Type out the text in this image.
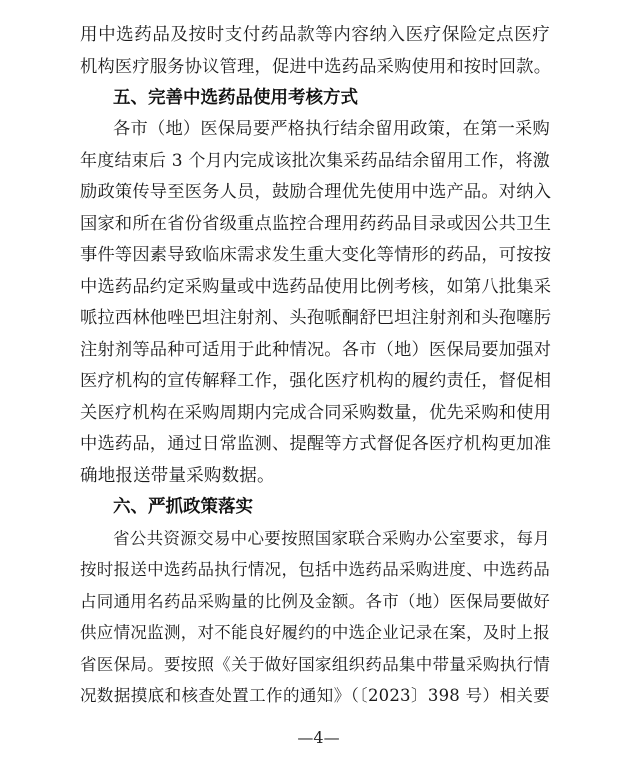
用中选药品及按时支付药品款等内容纳入医疗保险定点医疗
机构医疗服务协议管理，促进中选药品采购使用和按时回款。
五、完善中选药品使用考核方式
各市（地）医保局要严格执行结余留用政策，在第一采购
年度结束后 3 个月内完成该批次集采药品结余留用工作，将激
励政策传导至医务人员，鼓励合理优先使用中选产品。对纳入
国家和所在省份省级重点监控合理用药药品目录或因公共卫生
事件等因素导致临床需求发生重大变化等情形的药品，可按按
中选药品约定采购量或中选药品使用比例考核，如第八批集采
哌拉西林他唑巴坦注射剂、头孢哌酮舒巴坦注射剂和头孢噻肟
注射剂等品种可适用于此种情况。各市（地）医保局要加强对
医疗机构的宣传解释工作，强化医疗机构的履约责任，督促相
关医疗机构在采购周期内完成合同采购数量，优先采购和使用
中选药品，通过日常监测、提醒等方式督促各医疗机构更加准
确地报送带量采购数据。
六、严抓政策落实
省公共资源交易中心要按照国家联合采购办公室要求，每月
按时报送中选药品执行情况，包括中选药品采购进度、中选药品
占同通用名药品采购量的比例及金额。各市（地）医保局要做好
供应情况监测，对不能良好履约的中选企业记录在案，及时上报
省医保局。要按照《关于做好国家组织药品集中带量采购执行情
况数据摸底和核查处置工作的通知》（〔2023〕398 号）相关要
—4—
